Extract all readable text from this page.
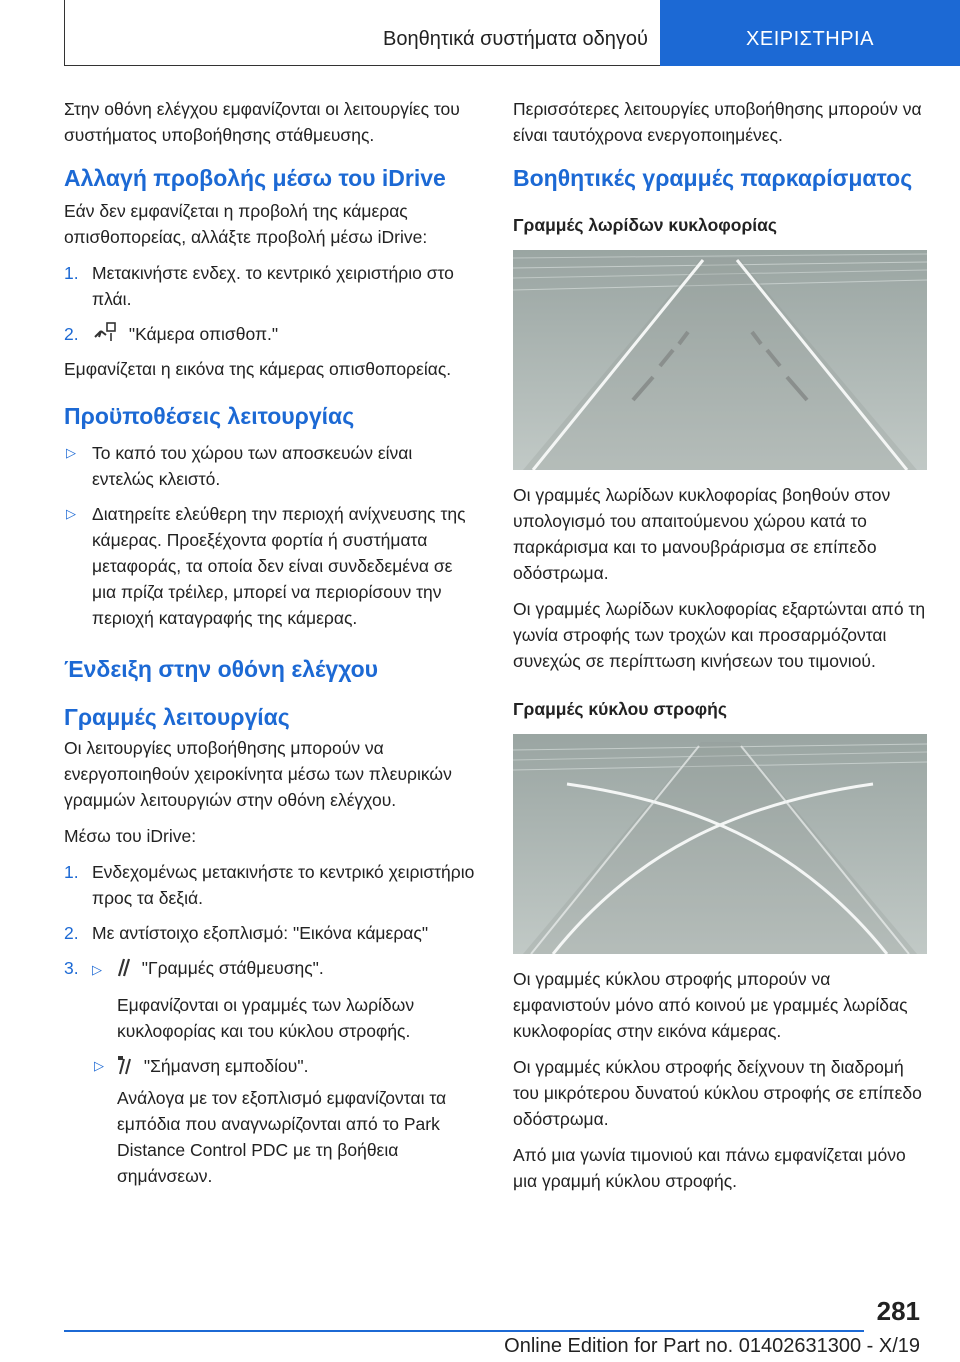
Βοηθητικά συστήματα οδηγού	ΧΕΙΡΙΣΤΗΡΙΑ

Στην οθόνη ελέγχου εμφανίζονται οι λειτουργίες του συστήματος υποβοήθησης στάθμευσης.

Αλλαγή προβολής μέσω του iDrive

Εάν δεν εμφανίζεται η προβολή της κάμερας οπισθοπορείας, αλλάξτε προβολή μέσω iDrive:

1. Μετακινήστε ενδεχ. το κεντρικό χειριστήριο στο πλάι.
2.	"Κάμερα οπισθοπ."

Εμφανίζεται η εικόνα της κάμερας οπισθοπορείας.

Προϋποθέσεις λειτουργίας
▷ Το καπό του χώρου των αποσκευών είναι εντελώς κλειστό.
▷ Διατηρείτε ελεύθερη την περιοχή ανίχνευσης της κάμερας. Προεξέχοντα φορτία ή συστήματα μεταφοράς, τα οποία δεν είναι συνδεδεμένα σε μια πρίζα τρέιλερ, μπορεί να περιορίσουν την περιοχή καταγραφής της κάμερας.
Ένδειξη στην οθόνη ελέγχου
Γραμμές λειτουργίας

Οι λειτουργίες υποβοήθησης μπορούν να ενεργοποιηθούν χειροκίνητα μέσω των πλευρικών γραμμών λειτουργιών στην οθόνη ελέγχου.

Μέσω του iDrive:

1. Ενδεχομένως μετακινήστε το κεντρικό χειριστήριο προς τα δεξιά.
2. Με αντίστοιχο εξοπλισμό: "Εικόνα κάμερας"
3. ▷ "Γραμμές στάθμευσης".
Εμφανίζονται οι γραμμές των λωρίδων κυκλοφορίας και του κύκλου στροφής.
▷ "Σήμανση εμποδίου".
Ανάλογα με τον εξοπλισμό εμφανίζονται τα εμπόδια που αναγνωρίζονται από το Park Distance Control PDC με τη βοήθεια σημάνσεων.

Περισσότερες λειτουργίες υποβοήθησης μπορούν να είναι ταυτόχρονα ενεργοποιημένες.

Βοηθητικές γραμμές παρκαρίσματος
Γραμμές λωρίδων κυκλοφορίας

Οι γραμμές λωρίδων κυκλοφορίας βοηθούν στον υπολογισμό του απαιτούμενου χώρου κατά το παρκάρισμα και το μανουβράρισμα σε επίπεδο οδόστρωμα.

Οι γραμμές λωρίδων κυκλοφορίας εξαρτώνται από τη γωνία στροφής των τροχών και προσαρμόζονται συνεχώς σε περίπτωση κινήσεων του τιμονιού.

Γραμμές κύκλου στροφής

Οι γραμμές κύκλου στροφής μπορούν να εμφανιστούν μόνο από κοινού με γραμμές λωρίδας κυκλοφορίας στην εικόνα κάμερας.

Οι γραμμές κύκλου στροφής δείχνουν τη διαδρομή του μικρότερου δυνατού κύκλου στροφής σε επίπεδο οδόστρωμα.

Από μια γωνία τιμονιού και πάνω εμφανίζεται μόνο μια γραμμή κύκλου στροφής.

281
Online Edition for Part no. 01402631300 - X/19
